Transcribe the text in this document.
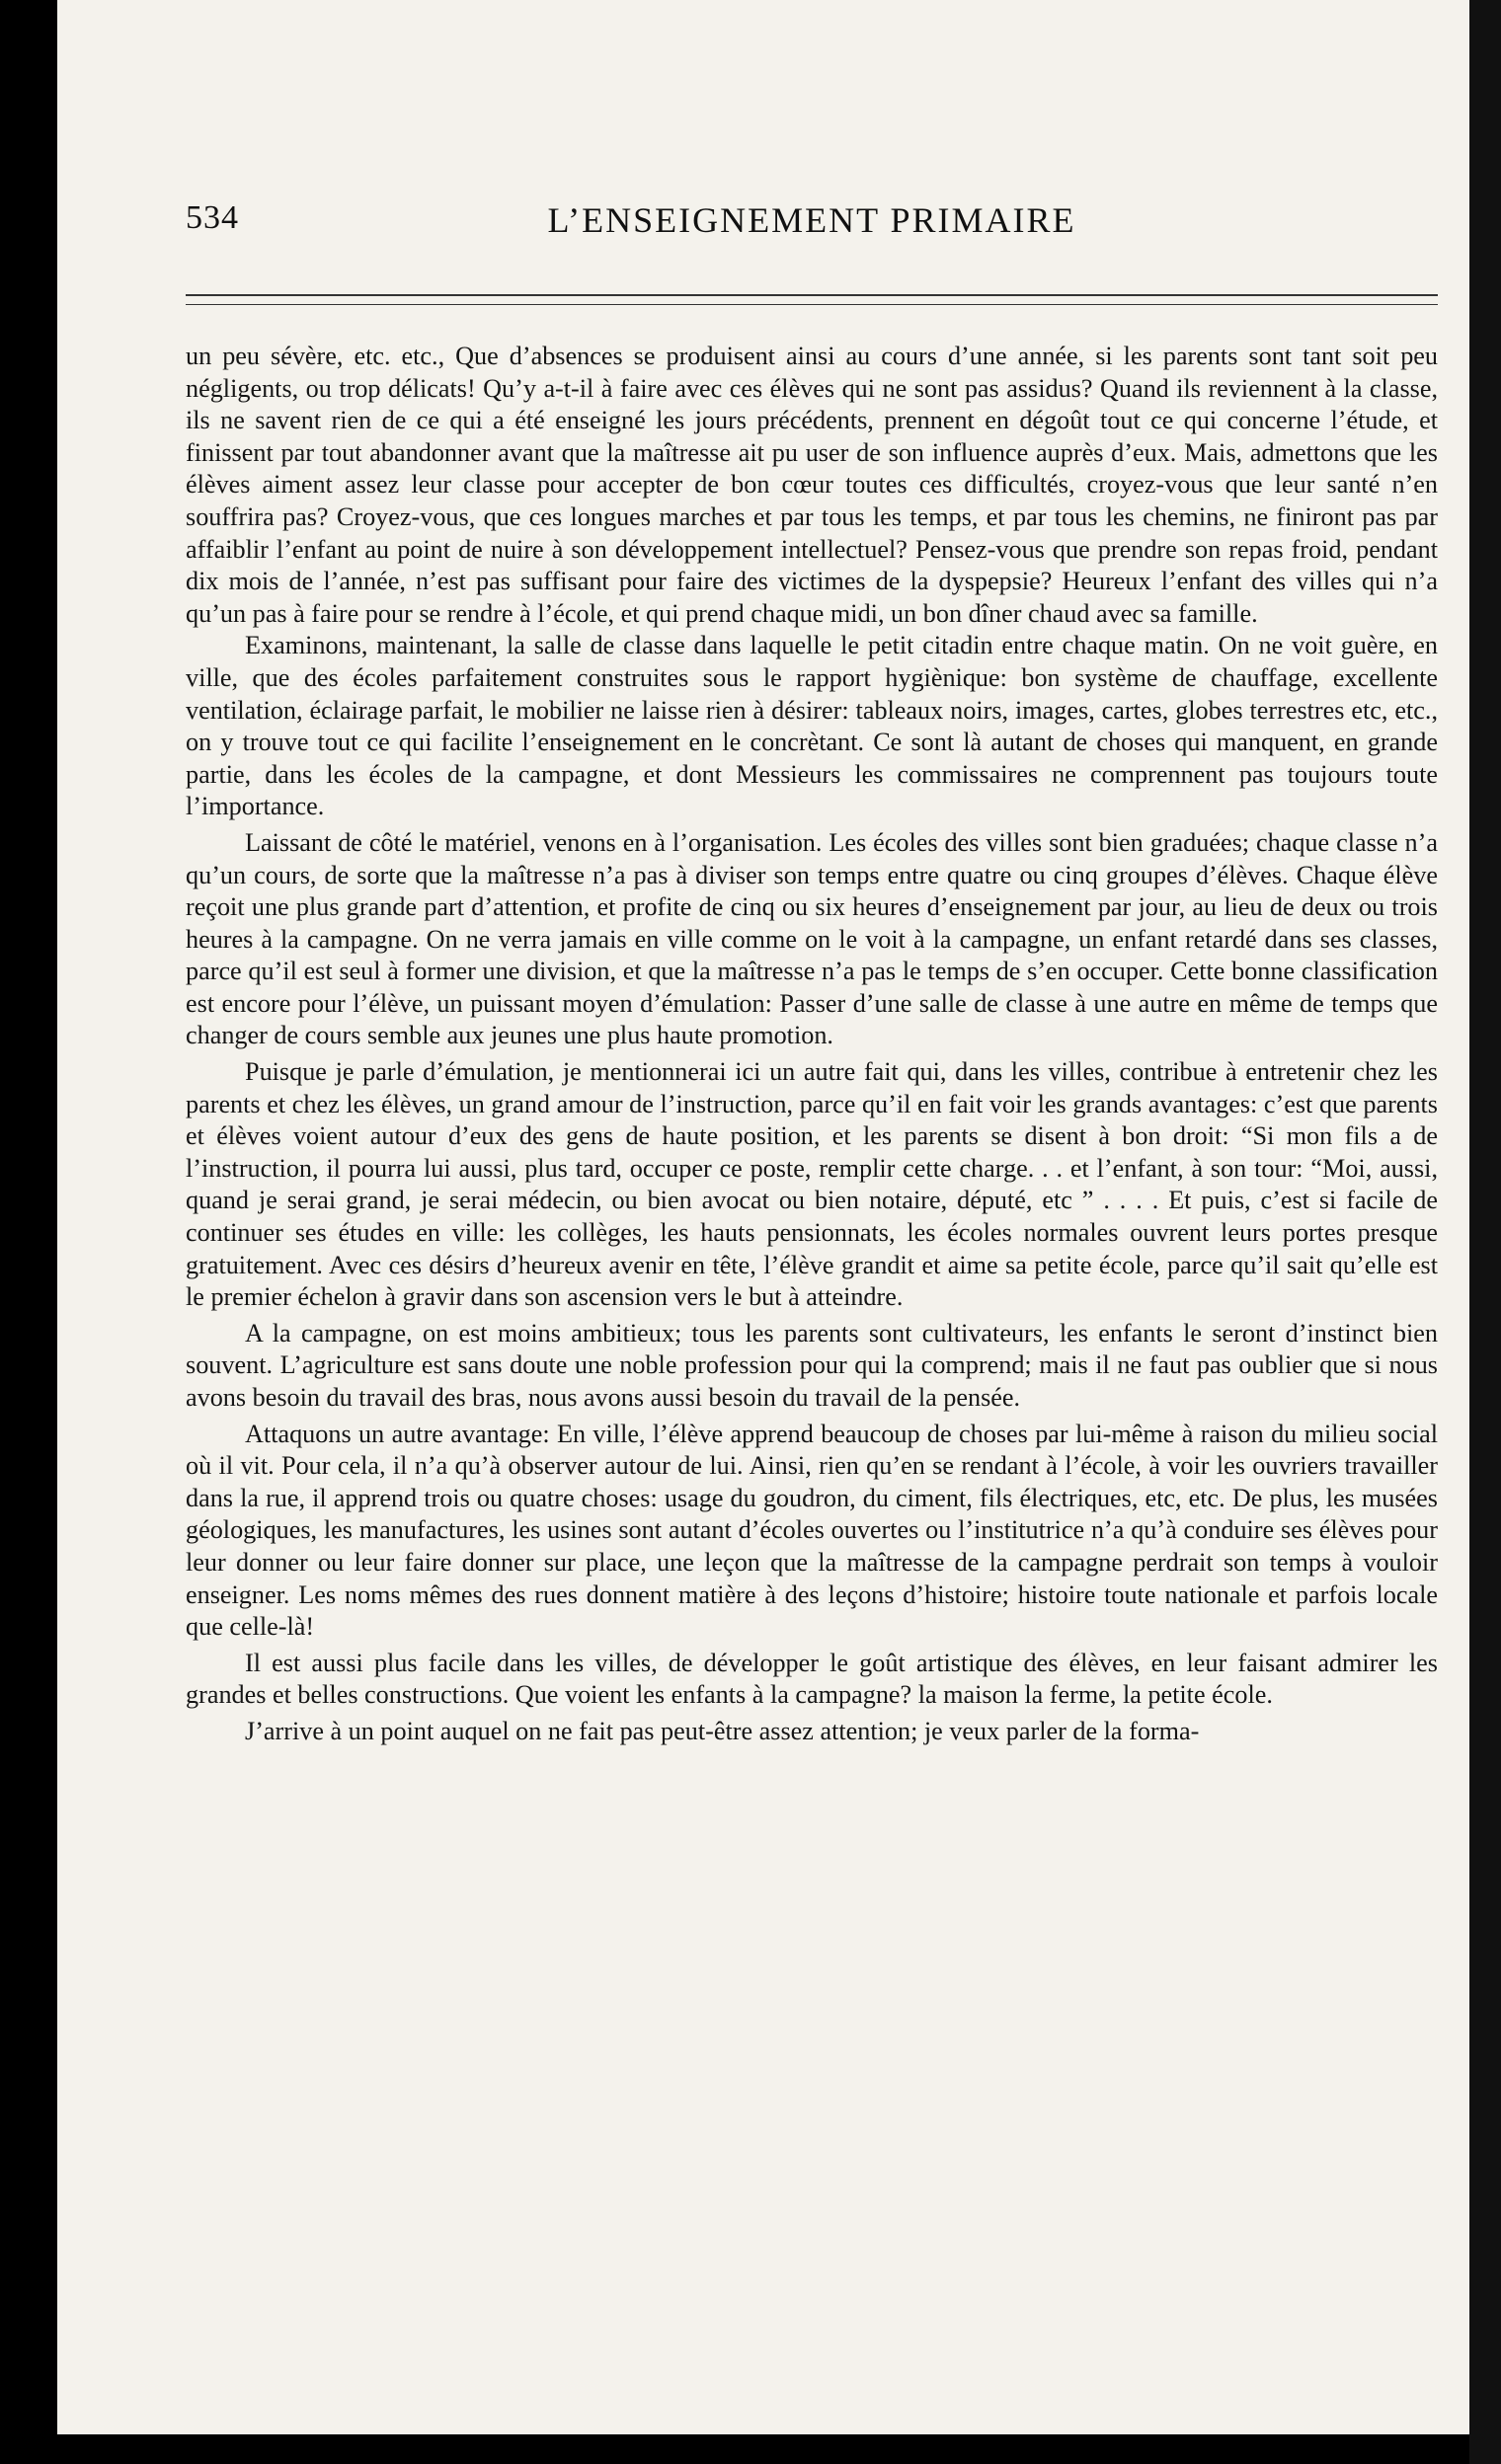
534	L’ENSEIGNEMENT PRIMAIRE

un peu sévère, etc. etc., Que d’absences se produisent ainsi au cours d’une année, si les parents sont tant soit peu négligents, ou trop délicats! Qu’y a-t-il à faire avec ces élèves qui ne sont pas assidus? Quand ils reviennent à la classe, ils ne savent rien de ce qui a été enseigné les jours précédents, prennent en dégoût tout ce qui concerne l’étude, et finissent par tout abandonner avant que la maîtresse ait pu user de son influence auprès d’eux. Mais, admettons que les élèves aiment assez leur classe pour accepter de bon cœur toutes ces difficultés, croyez-vous que leur santé n’en souffrira pas? Croyez-vous, que ces longues marches et par tous les temps, et par tous les chemins, ne finiront pas par affaiblir l’enfant au point de nuire à son développement intellectuel? Pensez-vous que prendre son repas froid, pendant dix mois de l’année, n’est pas suffisant pour faire des victimes de la dyspepsie? Heureux l’enfant des villes qui n’a qu’un pas à faire pour se rendre à l’école, et qui prend chaque midi, un bon dîner chaud avec sa famille.

Examinons, maintenant, la salle de classe dans laquelle le petit citadin entre chaque matin. On ne voit guère, en ville, que des écoles parfaitement construites sous le rapport hygiènique: bon système de chauffage, excellente ventilation, éclairage parfait, le mobilier ne laisse rien à désirer: tableaux noirs, images, cartes, globes terrestres etc, etc., on y trouve tout ce qui facilite l’enseignement en le concrètant. Ce sont là autant de choses qui manquent, en grande partie, dans les écoles de la campagne, et dont Messieurs les commissaires ne comprennent pas toujours toute l’importance.

Laissant de côté le matériel, venons en à l’organisation. Les écoles des villes sont bien graduées; chaque classe n’a qu’un cours, de sorte que la maîtresse n’a pas à diviser son temps entre quatre ou cinq groupes d’élèves. Chaque élève reçoit une plus grande part d’attention, et profite de cinq ou six heures d’enseignement par jour, au lieu de deux ou trois heures à la campagne. On ne verra jamais en ville comme on le voit à la campagne, un enfant retardé dans ses classes, parce qu’il est seul à former une division, et que la maîtresse n’a pas le temps de s’en occuper. Cette bonne classification est encore pour l’élève, un puissant moyen d’émulation: Passer d’une salle de classe à une autre en même de temps que changer de cours semble aux jeunes une plus haute promotion.

Puisque je parle d’émulation, je mentionnerai ici un autre fait qui, dans les villes, contribue à entretenir chez les parents et chez les élèves, un grand amour de l’instruction, parce qu’il en fait voir les grands avantages: c’est que parents et élèves voient autour d’eux des gens de haute position, et les parents se disent à bon droit: “Si mon fils a de l’instruction, il pourra lui aussi, plus tard, occuper ce poste, remplir cette charge. . . et l’enfant, à son tour: “Moi, aussi, quand je serai grand, je serai médecin, ou bien avocat ou bien notaire, député, etc ” . . . . Et puis, c’est si facile de continuer ses études en ville: les collèges, les hauts pensionnats, les écoles normales ouvrent leurs portes presque gratuitement. Avec ces désirs d’heureux avenir en tête, l’élève grandit et aime sa petite école, parce qu’il sait qu’elle est le premier échelon à gravir dans son ascension vers le but à atteindre.

A la campagne, on est moins ambitieux; tous les parents sont cultivateurs, les enfants le seront d’instinct bien souvent. L’agriculture est sans doute une noble profession pour qui la comprend; mais il ne faut pas oublier que si nous avons besoin du travail des bras, nous avons aussi besoin du travail de la pensée.

Attaquons un autre avantage: En ville, l’élève apprend beaucoup de choses par lui-même à raison du milieu social où il vit. Pour cela, il n’a qu’à observer autour de lui. Ainsi, rien qu’en se rendant à l’école, à voir les ouvriers travailler dans la rue, il apprend trois ou quatre choses: usage du goudron, du ciment, fils électriques, etc, etc. De plus, les musées géologiques, les manufactures, les usines sont autant d’écoles ouvertes ou l’institutrice n’a qu’à conduire ses élèves pour leur donner ou leur faire donner sur place, une leçon que la maîtresse de la campagne perdrait son temps à vouloir enseigner. Les noms mêmes des rues donnent matière à des leçons d’histoire; histoire toute nationale et parfois locale que celle-là!

Il est aussi plus facile dans les villes, de développer le goût artistique des élèves, en leur faisant admirer les grandes et belles constructions. Que voient les enfants à la campagne? la maison la ferme, la petite école.

J’arrive à un point auquel on ne fait pas peut-être assez attention; je veux parler de la forma-
